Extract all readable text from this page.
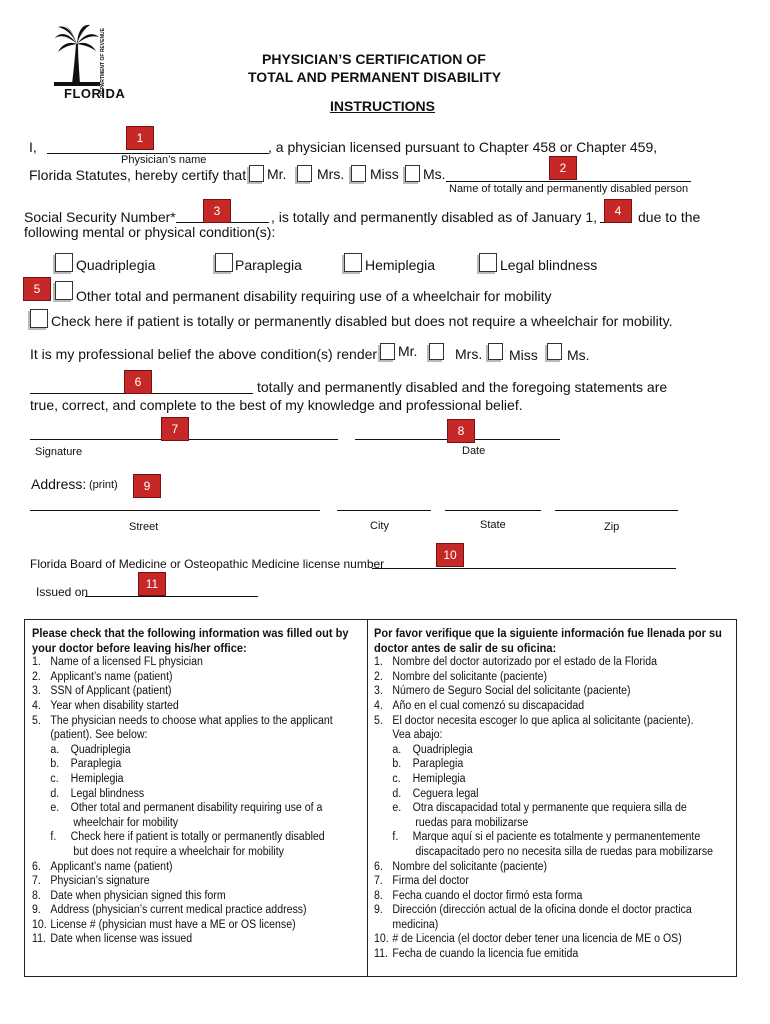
DEPARTMENT OF REVENUE
FLORIDA
PHYSICIAN’S CERTIFICATION OF
TOTAL AND PERMANENT DISABILITY
INSTRUCTIONS
I,
1
, a physician licensed pursuant to Chapter 458 or Chapter 459,
Physician’s name
Florida Statutes, hereby certify that Mr. Mrs. Miss Ms.	2
Name of totally and permanently disabled person
Social Security Number*	3	, is totally and permanently disabled as of January 1,	4	due to the
following mental or physical condition(s):
Quadriplegia	Paraplegia	Hemiplegia	Legal blindness
5	Other total and permanent disability requiring use of a wheelchair for mobility
Check here if patient is totally or permanently disabled but does not require a wheelchair for mobility.
It is my professional belief the above condition(s) render Mr.	Mrs. Miss Ms.
6	totally and permanently disabled and the foregoing statements are
true, correct, and complete to the best of my knowledge and professional belief.
7
Signature
8
Date
Address: (print)	9
Street	City	State	Zip
Florida Board of Medicine or Osteopathic Medicine license number
10
Issued on
11
Please check that the following information was filled out by your doctor before leaving his/her office:
1. Name of a licensed FL physician
2. Applicant’s name (patient)
3. SSN of Applicant (patient)
4. Year when disability started
5. The physician needs to choose what applies to the applicant
(patient). See below:
a. Quadriplegia
b. Paraplegia
c. Hemiplegia
d. Legal blindness
e. Other total and permanent disability requiring use of a
wheelchair for mobility
f. Check here if patient is totally or permanently disabled
but does not require a wheelchair for mobility
6. Applicant’s name (patient)
7. Physician’s signature
8. Date when physician signed this form
9. Address (physician’s current medical practice address)
10. License # (physician must have a ME or OS license)
11. Date when license was issued
Por favor verifique que la siguiente información fue llenada por su doctor antes de salir de su oficina:
1. Nombre del doctor autorizado por el estado de la Florida
2. Nombre del solicitante (paciente)
3. Número de Seguro Social del solicitante (paciente)
4. Año en el cual comenzó su discapacidad
5. El doctor necesita escoger lo que aplica al solicitante (paciente).
Vea abajo:
a. Quadriplegia
b. Paraplegia
c. Hemiplegia
d. Ceguera legal
e. Otra discapacidad total y permanente que requiera silla de
ruedas para mobilizarse
f. Marque aquí si el paciente es totalmente y permanentemente
discapacitado pero no necesita silla de ruedas para mobilizarse
6. Nombre del solicitante (paciente)
7. Firma del doctor
8. Fecha cuando el doctor firmó esta forma
9. Dirección (dirección actual de la oficina donde el doctor practica
medicina)
10. # de Licencia (el doctor deber tener una licencia de ME o OS)
11. Fecha de cuando la licencia fue emitida
